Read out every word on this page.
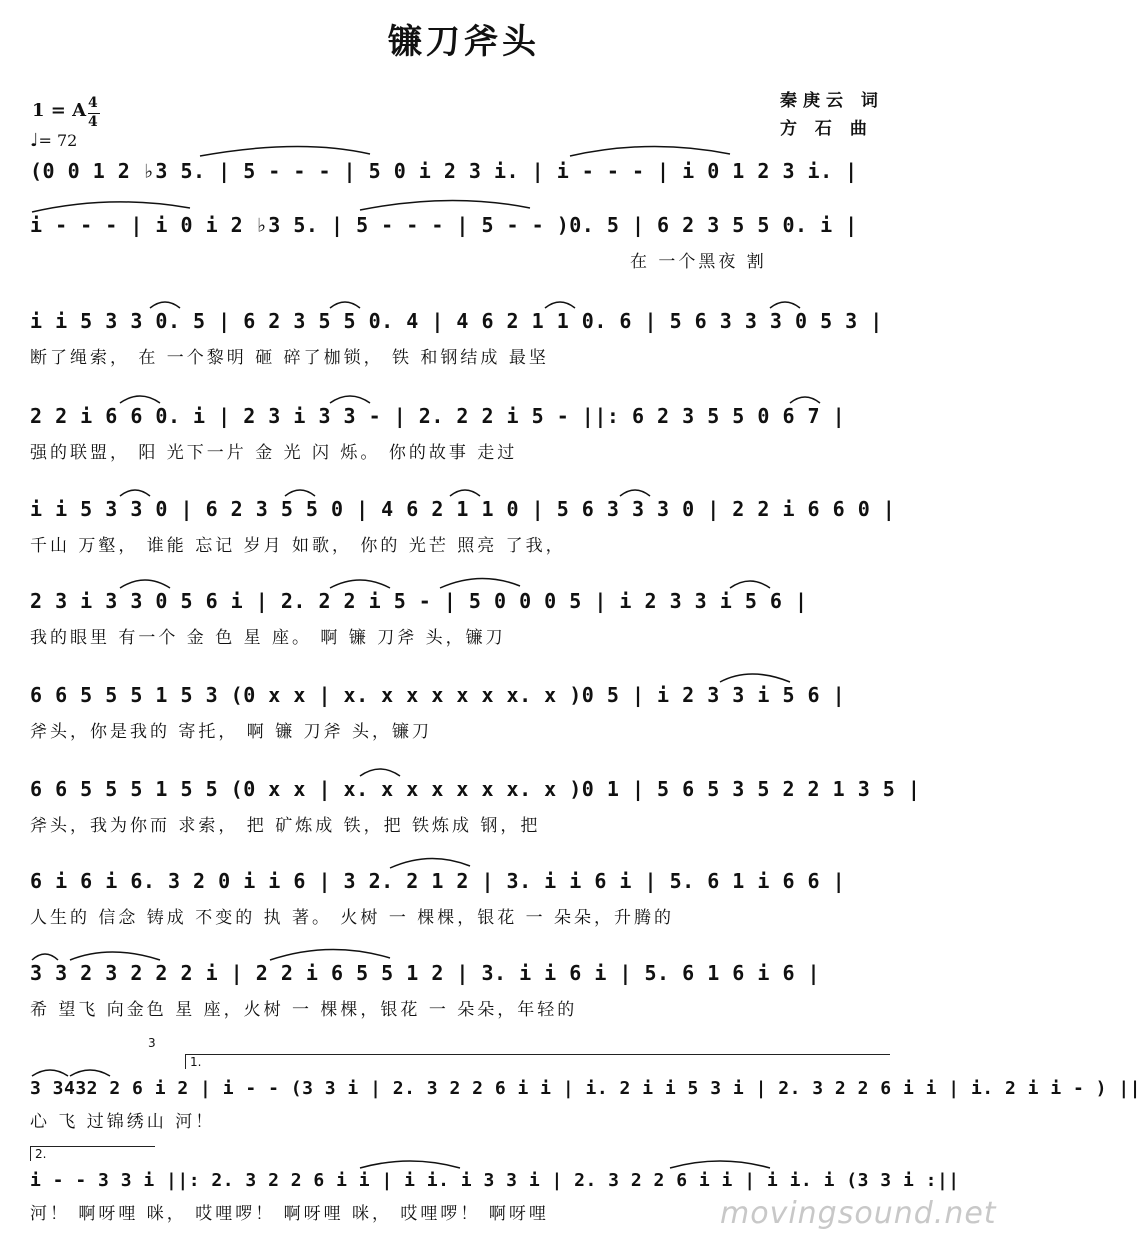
镰刀斧头
秦庚云 词
方 石 曲
1 = A 4
4
♩= 72
(0 0 1 2 ♭3 5. | 5 - - - | 5 0 i 2 3 i. | i - - - | i 0 1 2 3 i. |
i - - - | i 0 i 2 ♭3 5. | 5 - - - | 5 - - )0. 5 | 6 2 3 5 5 0. i |
在 一个黑夜 割
i i 5 3 3 0. 5 | 6 2 3 5 5 0. 4 | 4 6 2 1 1 0. 6 | 5 6 3 3 3 0 5 3 |
断了绳索， 在 一个黎明 砸 碎了枷锁， 铁 和钢结成 最坚
2 2 i 6 6 0. i | 2 3 i 3 3 - | 2. 2 2 i 5 - ||: 6 2 3 5 5 0 6 7 |
强的联盟， 阳 光下一片 金 光 闪 烁。 你的故事 走过
i i 5 3 3 0 | 6 2 3 5 5 0 | 4 6 2 1 1 0 | 5 6 3 3 3 0 | 2 2 i 6 6 0 |
千山 万壑， 谁能 忘记 岁月 如歌， 你的 光芒 照亮 了我，
2 3 i 3 3 0 5 6 i | 2. 2 2 i 5 - | 5 0 0 0 5 | i 2 3 3 i 5 6 |
我的眼里 有一个 金 色 星 座。 啊 镰 刀斧 头，镰刀
6 6 5 5 5 1 5 3 (0 x x | x. x x x x x x. x )0 5 | i 2 3 3 i 5 6 |
斧头，你是我的 寄托， 啊 镰 刀斧 头，镰刀
6 6 5 5 5 1 5 5 (0 x x | x. x x x x x x. x )0 1 | 5 6 5 3 5 2 2 1 3 5 |
斧头，我为你而 求索， 把 矿炼成 铁，把 铁炼成 钢，把
6 i 6 i 6. 3 2 0 i i 6 | 3 2. 2 1 2 | 3. i i 6 i | 5. 6 1 i 6 6 |
人生的 信念 铸成 不变的 执 著。 火树 一 棵棵，银花 一 朵朵，升腾的
3 3 2 3 2 2 2 i | 2 2 i 6 5 5 1 2 | 3. i i 6 i | 5. 6 1 6 i 6 |
希 望飞 向金色 星 座，火树 一 棵棵，银花 一 朵朵，年轻的
1.
3
3 3432 2 6 i 2 | i - - (3 3 i | 2. 3 2 2 6 i i | i. 2 i i 5 3 i | 2. 3 2 2 6 i i | i. 2 i i - ) ||
心 飞 过锦绣山 河！
2.
i - - 3 3 i ||: 2. 3 2 2 6 i i | i i. i 3 3 i | 2. 3 2 2 6 i i | i i. i (3 3 i :||
河！ 啊呀哩 咪， 哎哩啰！ 啊呀哩 咪， 哎哩啰！ 啊呀哩	movingsound.net
